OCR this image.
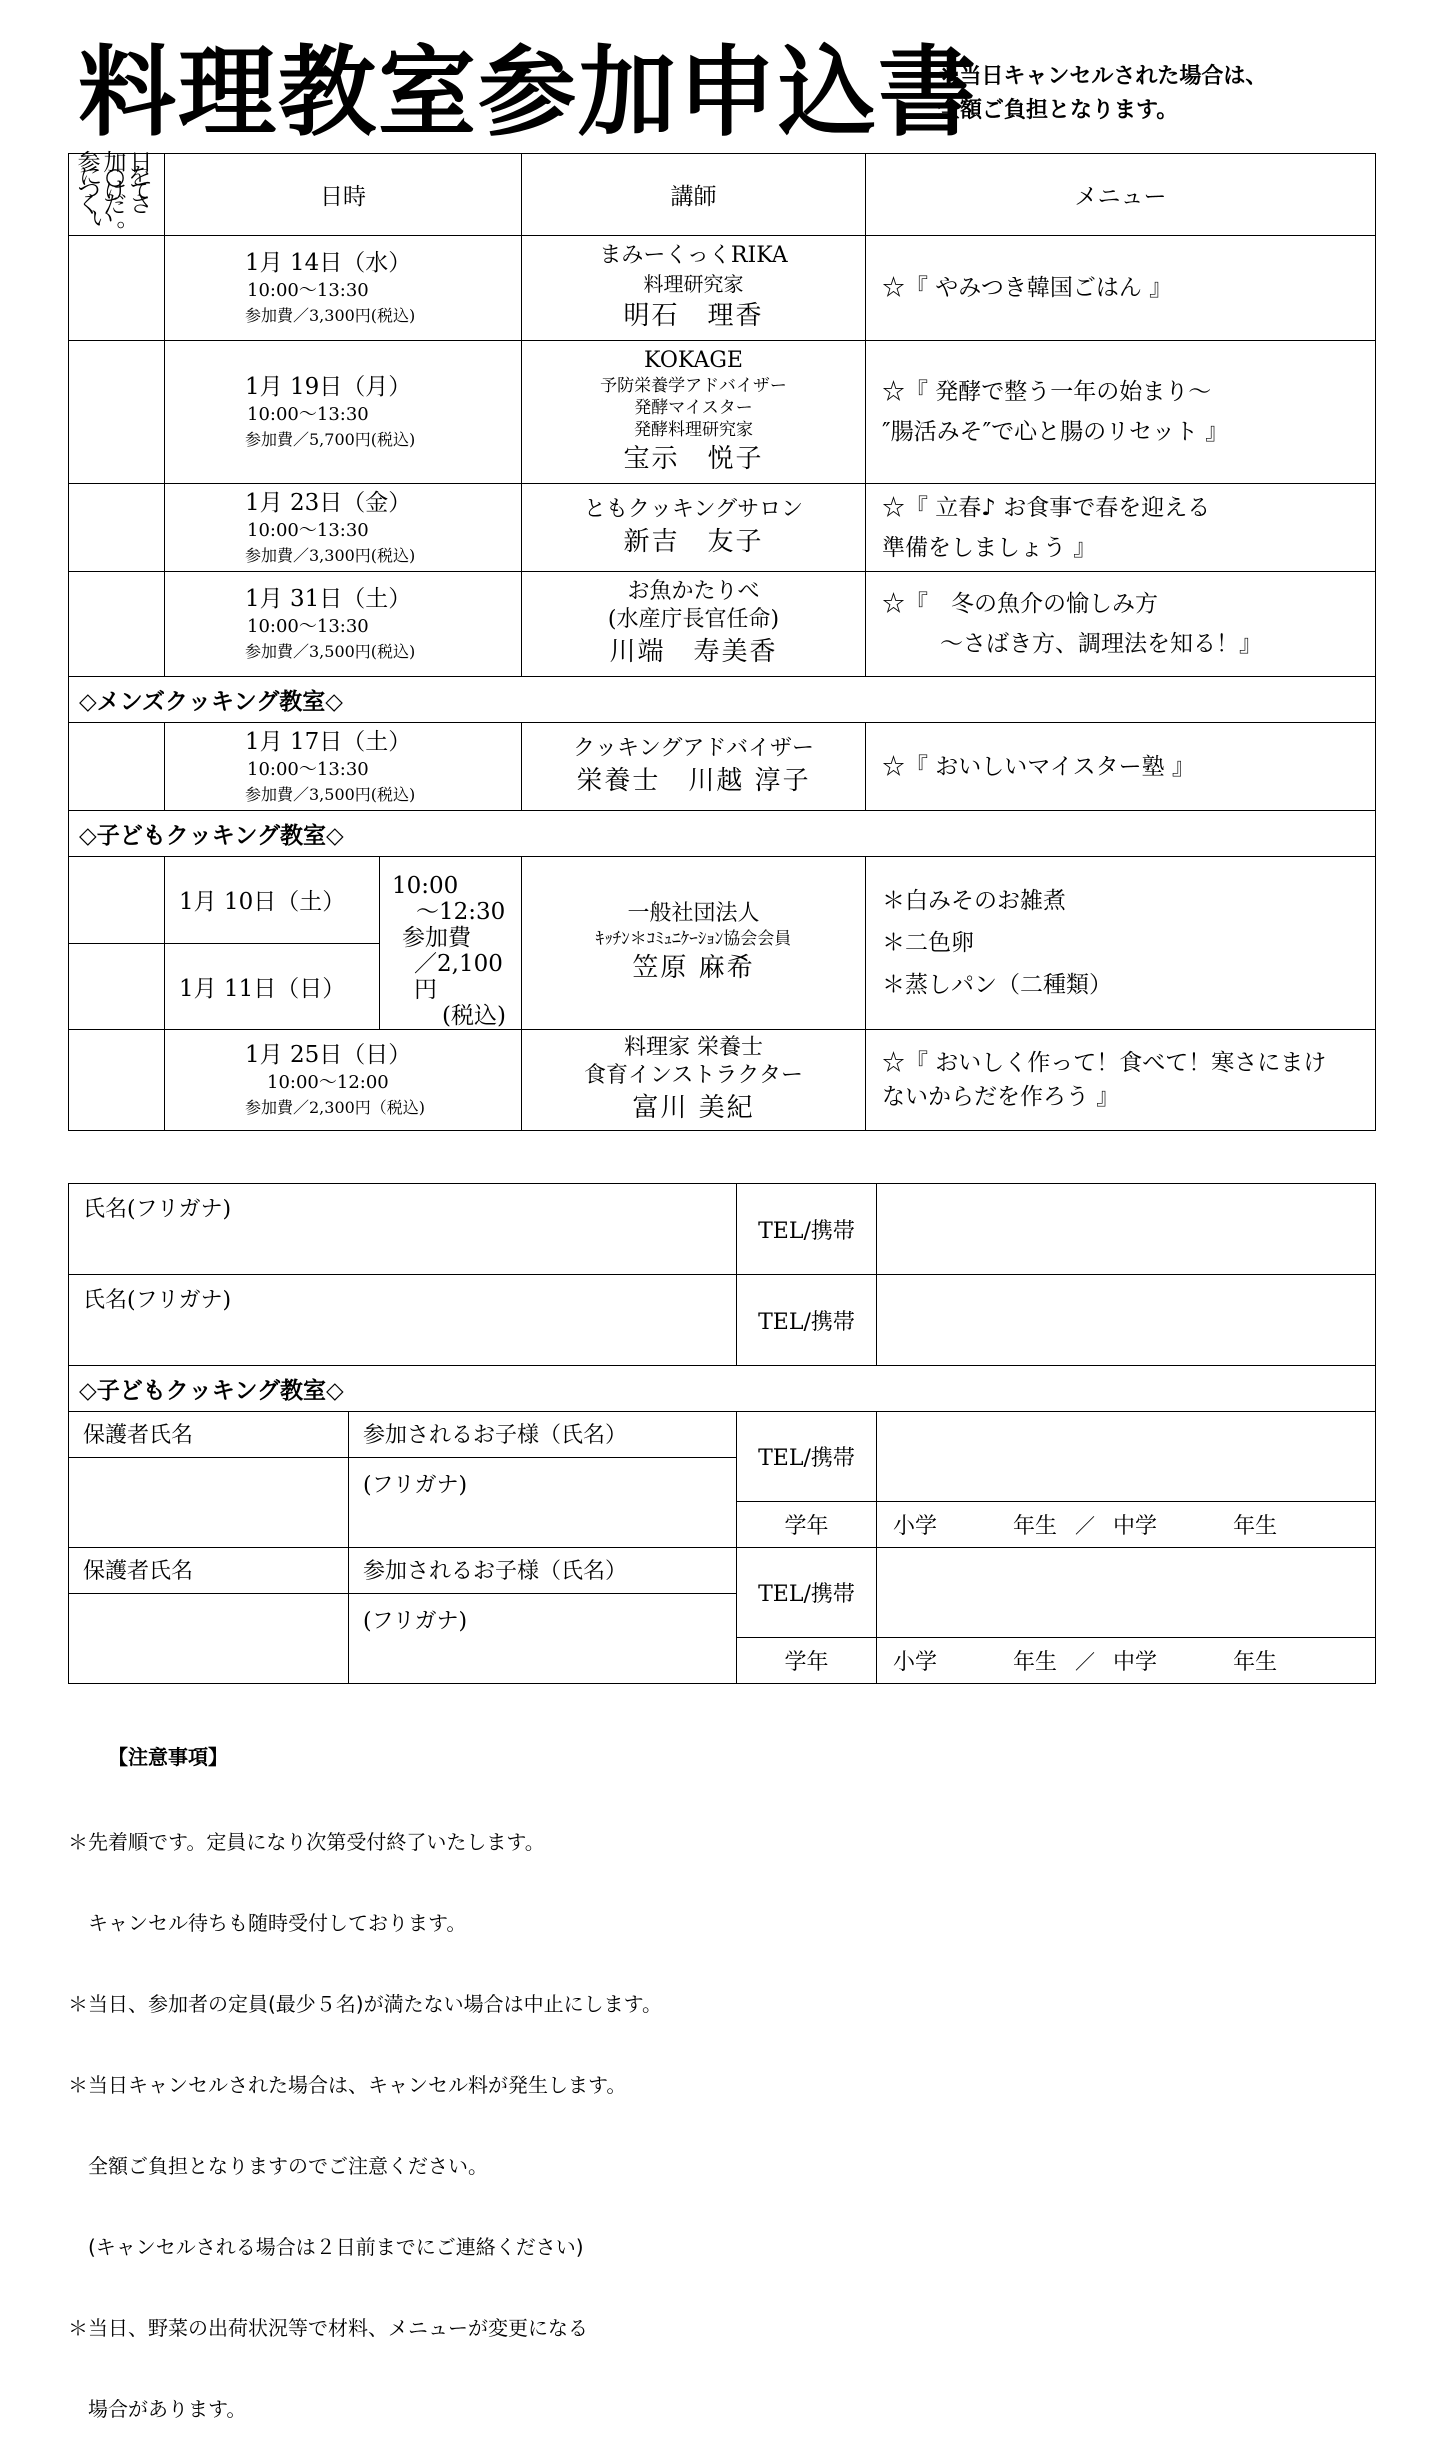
料理教室参加申込書
※当日キャンセルされた場合は、
全額ご負担となります。
参加日に○をつけてください。	日時		講師	メニュー

	1月 14日（水）
10:00〜13:30
参加費／3,300円(税込)		まみーくっくRIKA
料理研究家
明石　理香	☆『 やみつき韓国ごはん 』

	1月 19日（月）
10:00〜13:30
参加費／5,700円(税込)		KOKAGE
予防栄養学アドバイザー
発酵マイスター
発酵料理研究家
宝示　悦子	☆『 発酵で整う一年の始まり〜
″腸活みそ″で心と腸のリセット 』

	1月 23日（金）
10:00〜13:30
参加費／3,300円(税込)		ともクッキングサロン
新吉　友子	☆『 立春♪ お食事で春を迎える
準備をしましょう 』

	1月 31日（土）
10:00〜13:30
参加費／3,500円(税込)		お魚かたりべ
(水産庁長官任命)
川端　寿美香	☆『　冬の魚介の愉しみ方
〜さばき方、調理法を知る！』

◇メンズクッキング教室◇				

	1月 17日（土）
10:00〜13:30
参加費／3,500円(税込)		クッキングアドバイザー
栄養士　川越 淳子	☆『 おいしいマイスター塾 』
◇子どもクッキング教室◇				
	1月 10日（土）	10:00
〜12:30
参加費
／2,100円
(税込)	一般社団法人
ｷｯﾁﾝ＊ｺﾐｭﾆｹｰｼｮﾝ協会会員
笠原 麻希	＊白みそのお雑煮
＊二色卵
＊蒸しパン（二種類）

	1月 11日（日）			

	1月 25日（日）
10:00〜12:00
参加費／2,300円（税込)		料理家 栄養士
食育インストラクター
富川 美紀	☆『 おいしく作って！食べて！寒さにまけ
ないからだを作ろう 』
氏名(フリガナ)		TEL/携帯	
氏名(フリガナ)		TEL/携帯	
◇子どもクッキング教室◇			
保護者氏名	参加されるお子様（氏名）	TEL/携帯	
	(フリガナ)		
		学年	小学 年生 ／ 中学 年生
保護者氏名	参加されるお子様（氏名）	TEL/携帯	
	(フリガナ)		
		学年	小学 年生 ／ 中学 年生

【注意事項】

＊先着順です。定員になり次第受付終了いたします。

　キャンセル待ちも随時受付しております。

＊当日、参加者の定員(最少５名)が満たない場合は中止にします。

＊当日キャンセルされた場合は、キャンセル料が発生します。

　全額ご負担となりますのでご注意ください。

　(キャンセルされる場合は２日前までにご連絡ください)

＊当日、野菜の出荷状況等で材料、メニューが変更になる

　場合があります。
